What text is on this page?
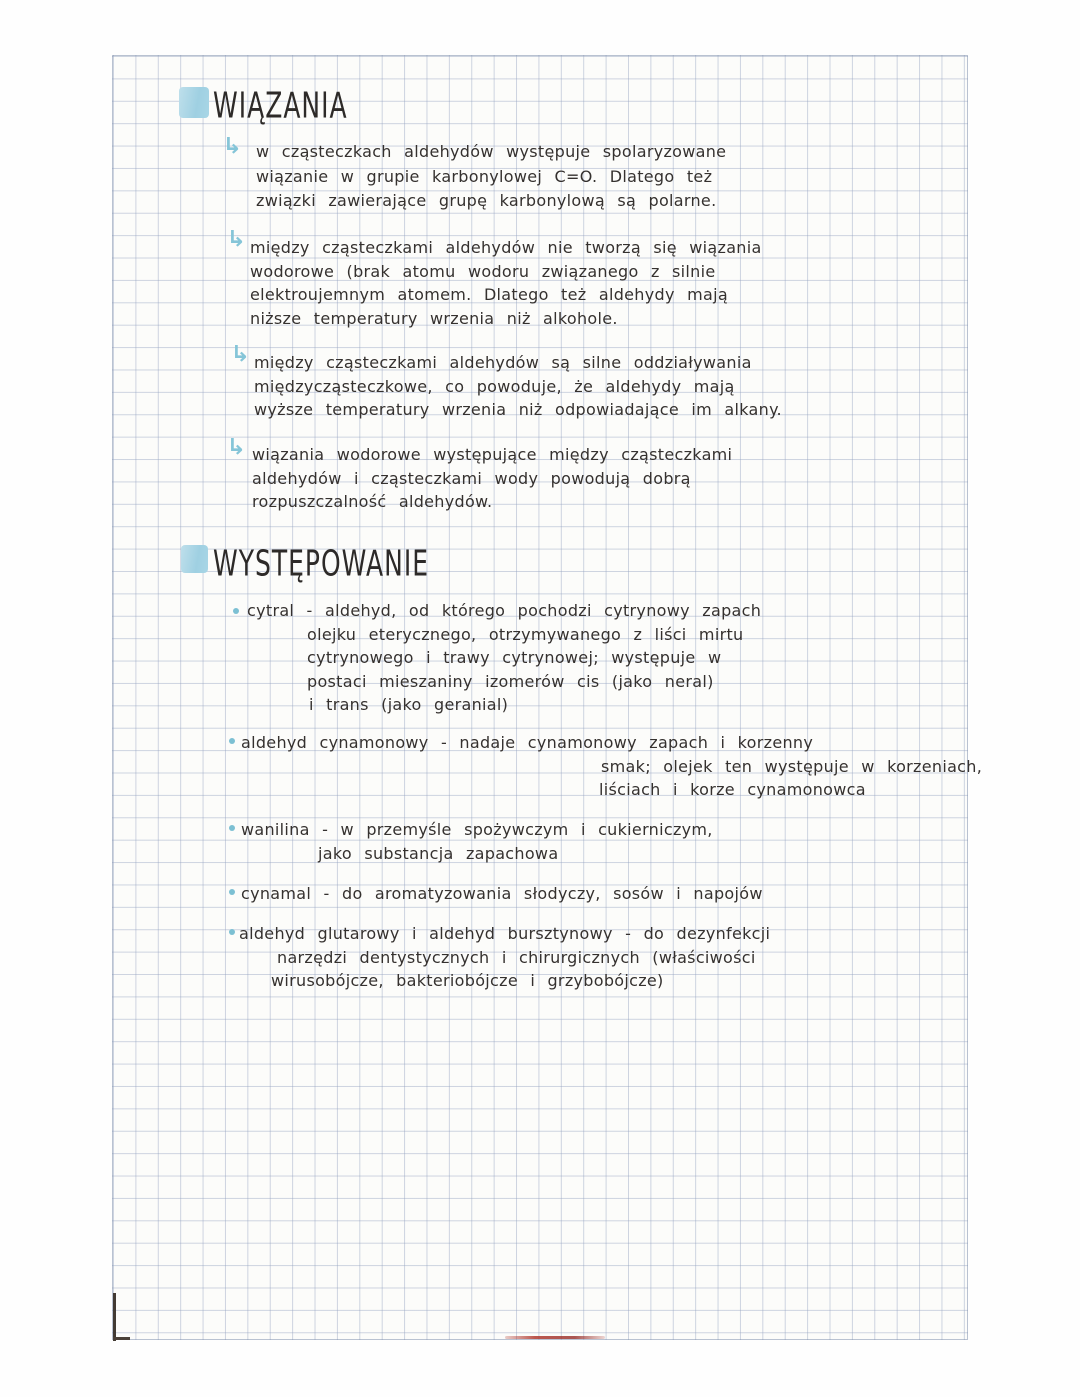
WIĄZANIA
↳ w cząsteczkach aldehydów występuje spolaryzowane
wiązanie w grupie karbonylowej C=O. Dlatego też
związki zawierające grupę karbonylową są polarne.
↳ między cząsteczkami aldehydów nie tworzą się wiązania
wodorowe (brak atomu wodoru związanego z silnie
elektroujemnym atomem. Dlatego też aldehydy mają
niższe temperatury wrzenia niż alkohole.
↳ między cząsteczkami aldehydów są silne oddziaływania
międzycząsteczkowe, co powoduje, że aldehydy mają
wyższe temperatury wrzenia niż odpowiadające im alkany.
↳ wiązania wodorowe występujące między cząsteczkami
aldehydów i cząsteczkami wody powodują dobrą
rozpuszczalność aldehydów.
WYSTĘPOWANIE
cytral - aldehyd, od którego pochodzi cytrynowy zapach
olejku eterycznego, otrzymywanego z liści mirtu
cytrynowego i trawy cytrynowej; występuje w
postaci mieszaniny izomerów cis (jako neral)
i trans (jako geranial)
aldehyd cynamonowy - nadaje cynamonowy zapach i korzenny
smak; olejek ten występuje w korzeniach,
liściach i korze cynamonowca
wanilina - w przemyśle spożywczym i cukierniczym,
jako substancja zapachowa
cynamal - do aromatyzowania słodyczy, sosów i napojów
aldehyd glutarowy i aldehyd bursztynowy - do dezynfekcji
narzędzi dentystycznych i chirurgicznych (właściwości
wirusobójcze, bakteriobójcze i grzybobójcze)
